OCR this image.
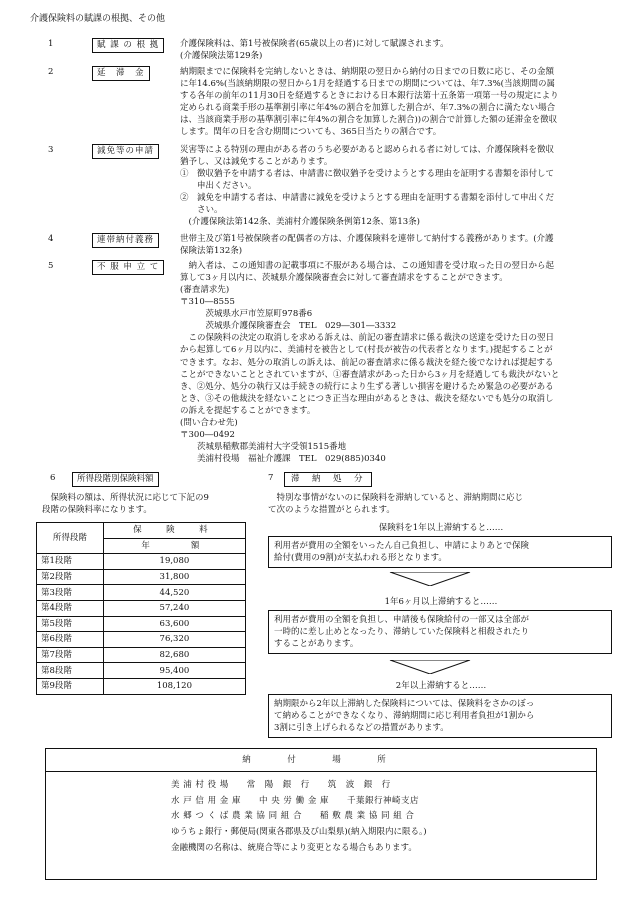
介護保険料の賦課の根拠、その他
1	賦 課 の 根 拠	介護保険料は、第1号被保険者(65歳以上の者)に対して賦課されます。

(介護保険法第129条)

2	延　滞　金	納期限までに保険料を完納しないときは、納期限の翌日から納付の日までの日数に応じ、その金額

に年14.6%(当該納期限の翌日から1月を経過する日までの期間については、年7.3%(当該期間の属

する各年の前年の11月30日を経過するときにおける日本銀行法第十五条第一項第一号の規定により

定められる商業手形の基準割引率に年4%の割合を加算した割合が、年7.3%の割合に満たない場合

は、当該商業手形の基準割引率に年4%の割合を加算した割合))の割合で計算した額の延滞金を徴収

します。閏年の日を含む期間についても、365日当たりの割合です。

3	減免等の申請	災害等による特別の理由がある者のうち必要があると認められる者に対しては、介護保険料を徴収

猶予し、又は減免することがあります。

①　徴収猶予を申請する者は、申請書に徴収猶予を受けようとする理由を証明する書類を添付して

　　申出ください。

②　減免を申請する者は、申請書に減免を受けようとする理由を証明する書類を添付して申出くだ

　　さい。

　(介護保険法第142条、美浦村介護保険条例第12条、第13条)

4	連帯納付義務	世帯主及び第1号被保険者の配偶者の方は、介護保険料を連帯して納付する義務があります。(介護

保険法第132条)

5	不 服 申 立 て	　納入者は、この通知書の記載事項に不服がある場合は、この通知書を受け取った日の翌日から起

算して3ヶ月以内に、茨城県介護保険審査会に対して審査請求をすることができます。

(審査請求先)

〒310―8555

　　　茨城県水戸市笠原町978番6

　　　茨城県介護保険審査会　TEL　029―301―3332

　この保険料の決定の取消しを求める訴えは、前記の審査請求に係る裁決の送達を受けた日の翌日

から起算して6ヶ月以内に、美浦村を被告として(村長が被告の代表者となります。)提起することが

できます。なお、処分の取消しの訴えは、前記の審査請求に係る裁決を経た後でなければ提起する

ことができないこととされていますが、①審査請求があった日から3ヶ月を経過しても裁決がないと

き、②処分、処分の執行又は手続きの続行により生ずる著しい損害を避けるため緊急の必要がある

とき、③その他裁決を経ないことにつき正当な理由があるときは、裁決を経ないでも処分の取消し

の訴えを提起することができます。

(問い合わせ先)

〒300―0492

　　茨城県稲敷郡美浦村大字受領1515番地

　　美浦村役場　福祉介護課　TEL　029(885)0340

6	所得段階別保険料額
　保険料の額は、所得状況に応じて下記の9
段階の保険料率になります。
所得段階	保　険　料
	年　　額
第1段階	19,080
第2段階	31,800
第3段階	44,520
第4段階	57,240
第5段階	63,600
第6段階	76,320
第7段階	82,680
第8段階	95,400
第9段階	108,120
7	滞　納　処　分
　特別な事情がないのに保険料を滞納していると、滞納期間に応じ
て次のような措置がとられます。
保険料を1年以上滞納すると……
利用者が費用の全額をいったん自己負担し、申請によりあとで保険
給付(費用の9割)が支払われる形となります。
1年6ヶ月以上滞納すると……
利用者が費用の全額を負担し、申請後も保険給付の一部又は全部が
一時的に差し止めとなったり、滞納していた保険料と相殺されたり
することがあります。
2年以上滞納すると……
納期限から2年以上滞納した保険料については、保険料をさかのぼっ
て納めることができなくなり、滞納期間に応じ利用者負担が1割から
3割に引き上げられるなどの措置があります。
納　付　場　所
美 浦 村 役 場　　常　陽　銀　行　　筑　波　銀　行
水 戸 信 用 金 庫　　中 央 労 働 金 庫　　千葉銀行神崎支店
水 郷 つ く ば 農 業 協 同 組 合　　稲 敷 農 業 協 同 組 合
ゆうちょ銀行・郵便局(関東各郡県及び山梨県)(納入期限内に限る。)
金融機関の名称は、統廃合等により変更となる場合もあります。
